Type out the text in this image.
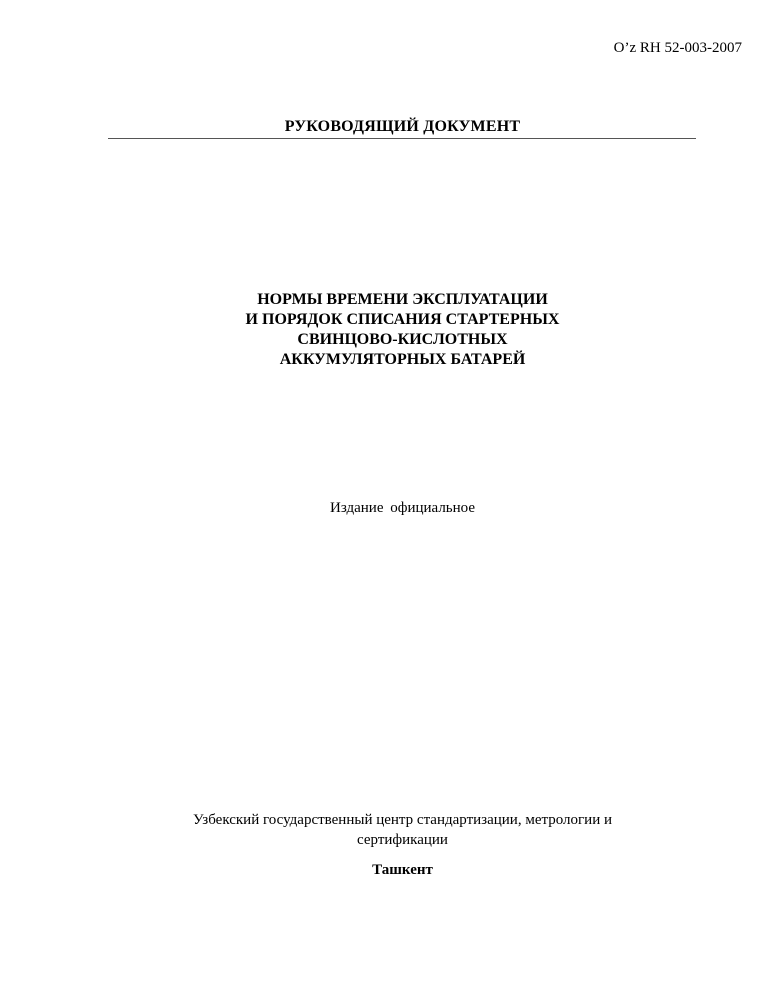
O’z RH 52-003-2007
РУКОВОДЯЩИЙ ДОКУМЕНТ
НОРМЫ ВРЕМЕНИ ЭКСПЛУАТАЦИИ
И ПОРЯДОК СПИСАНИЯ СТАРТЕРНЫХ
СВИНЦОВО-КИСЛОТНЫХ
АККУМУЛЯТОРНЫХ БАТАРЕЙ
Издание официальное
Узбекский государственный центр стандартизации, метрологии и
сертификации
Ташкент
